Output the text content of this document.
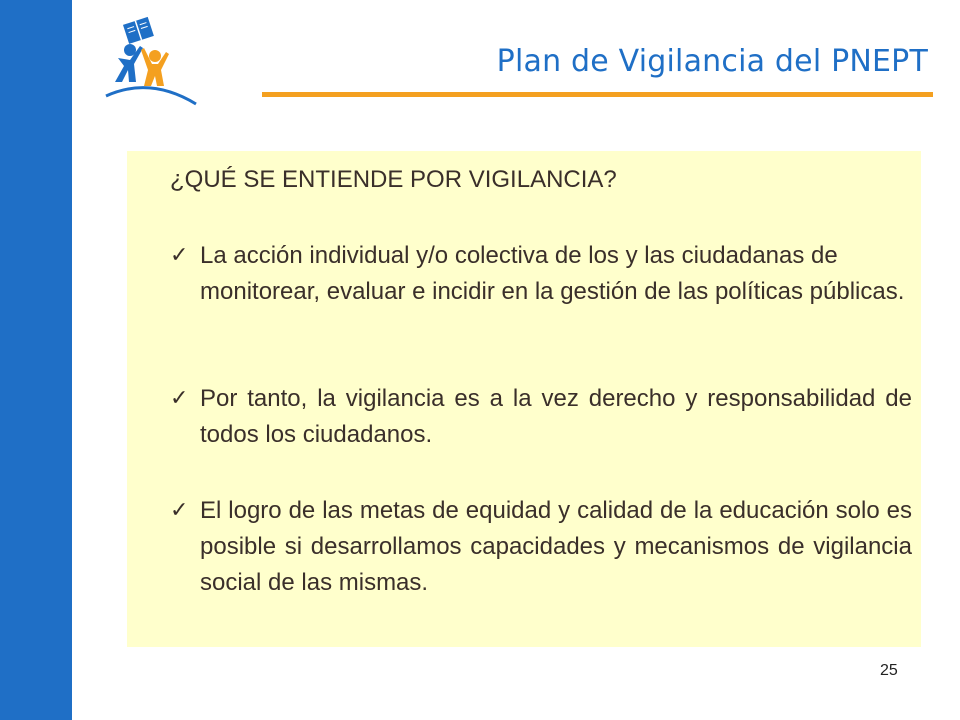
Plan de Vigilancia del PNEPT
¿QUÉ SE ENTIENDE POR VIGILANCIA?
✓ La acción individual y/o colectiva de los y las ciudadanas de monitorear, evaluar e incidir en la gestión de las políticas públicas.
✓ Por tanto, la vigilancia es a la vez derecho y responsabilidad de todos los ciudadanos.
✓ El logro de las metas de equidad y calidad de la educación solo es posible si desarrollamos capacidades y mecanismos de vigilancia social de las mismas.
25
